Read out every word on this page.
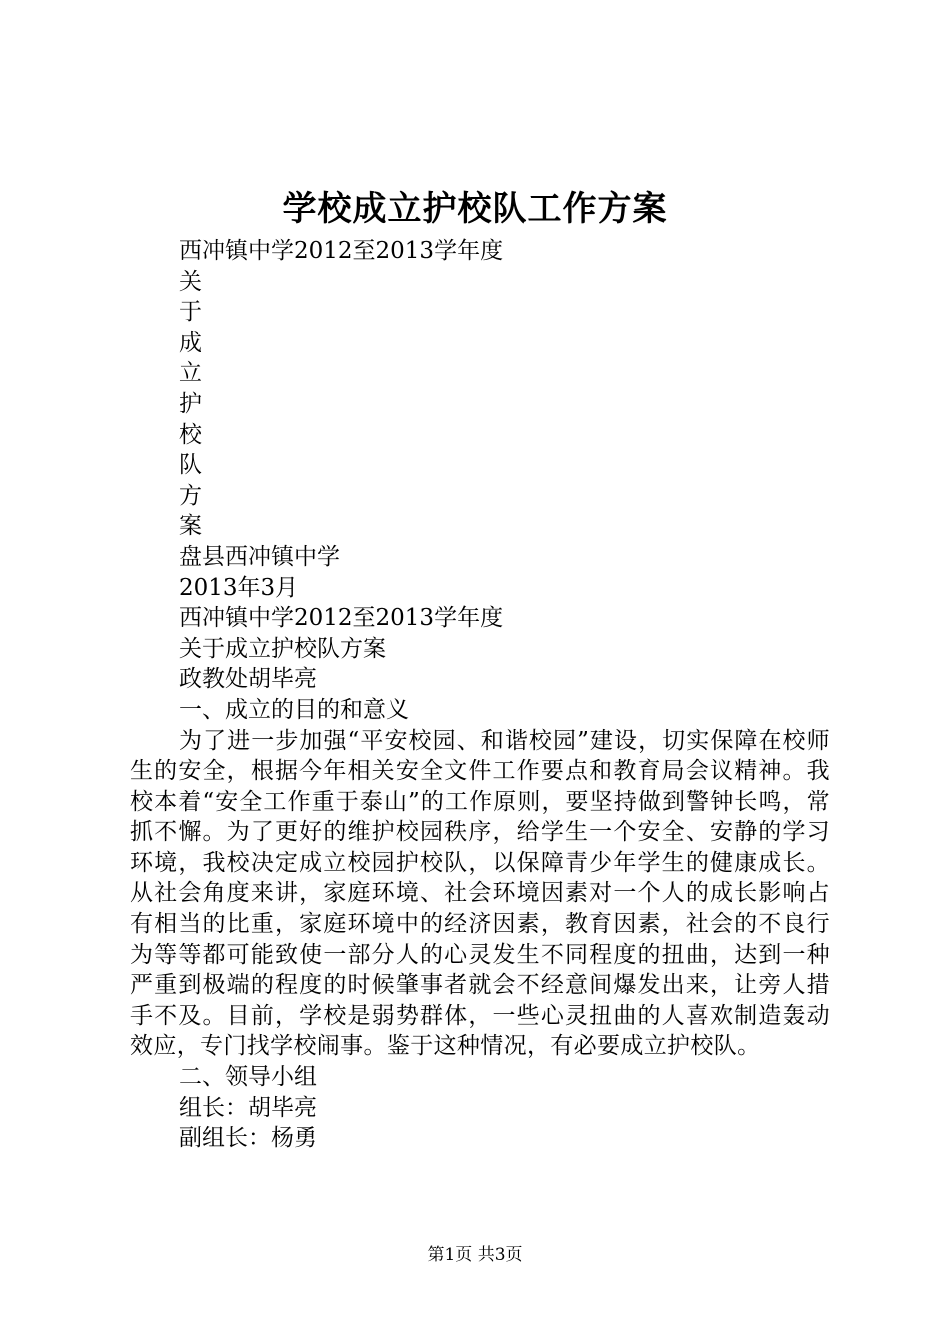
学校成立护校队工作方案
西冲镇中学2012至2013学年度
关
于
成
立
护
校
队
方
案
盘县西冲镇中学
2013年3月
西冲镇中学2012至2013学年度
关于成立护校队方案
政教处胡毕亮
一、成立的目的和意义

为了进一步加强“平安校园、和谐校园”建设，切实保障在校师生的安全，根据今年相关安全文件工作要点和教育局会议精神。我校本着“安全工作重于泰山”的工作原则，要坚持做到警钟长鸣，常抓不懈。为了更好的维护校园秩序，给学生一个安全、安静的学习环境，我校决定成立校园护校队，以保障青少年学生的健康成长。从社会角度来讲，家庭环境、社会环境因素对一个人的成长影响占有相当的比重，家庭环境中的经济因素，教育因素，社会的不良行为等等都可能致使一部分人的心灵发生不同程度的扭曲，达到一种严重到极端的程度的时候肇事者就会不经意间爆发出来，让旁人措手不及。目前，学校是弱势群体，一些心灵扭曲的人喜欢制造轰动效应，专门找学校闹事。鉴于这种情况，有必要成立护校队。

二、领导小组
组长：胡毕亮
副组长：杨勇
第1页 共3页
